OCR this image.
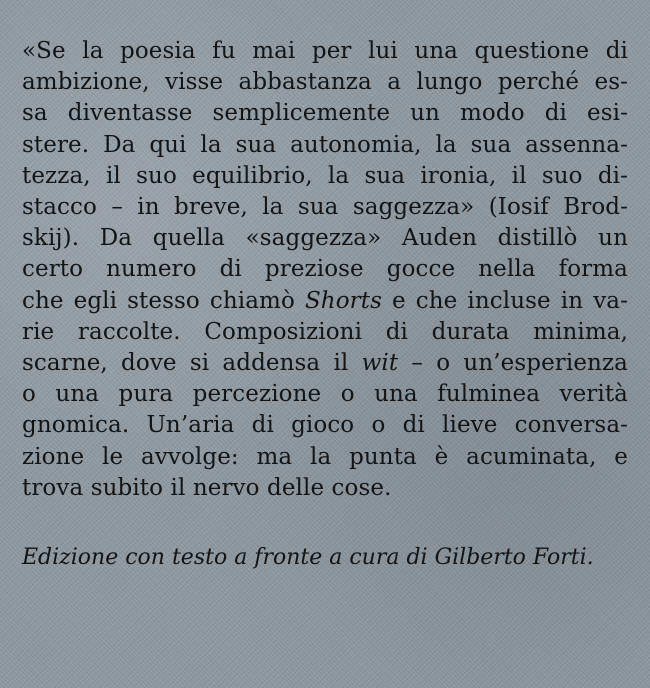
«Se la poesia fu mai per lui una questione di
ambizione, visse abbastanza a lungo perché es-
sa diventasse semplicemente un modo di esi-
stere. Da qui la sua autonomia, la sua assenna-
tezza, il suo equilibrio, la sua ironia, il suo di-
stacco – in breve, la sua saggezza» (Iosif Brod-
skij). Da quella «saggezza» Auden distillò un
certo numero di preziose gocce nella forma
che egli stesso chiamò Shorts e che incluse in va-
rie raccolte. Composizioni di durata minima,
scarne, dove si addensa il wit – o un’esperienza
o una pura percezione o una fulminea verità
gnomica. Un’aria di gioco o di lieve conversa-
zione le avvolge: ma la punta è acuminata, e
trova subito il nervo delle cose.

Edizione con testo a fronte a cura di Gilberto Forti.
